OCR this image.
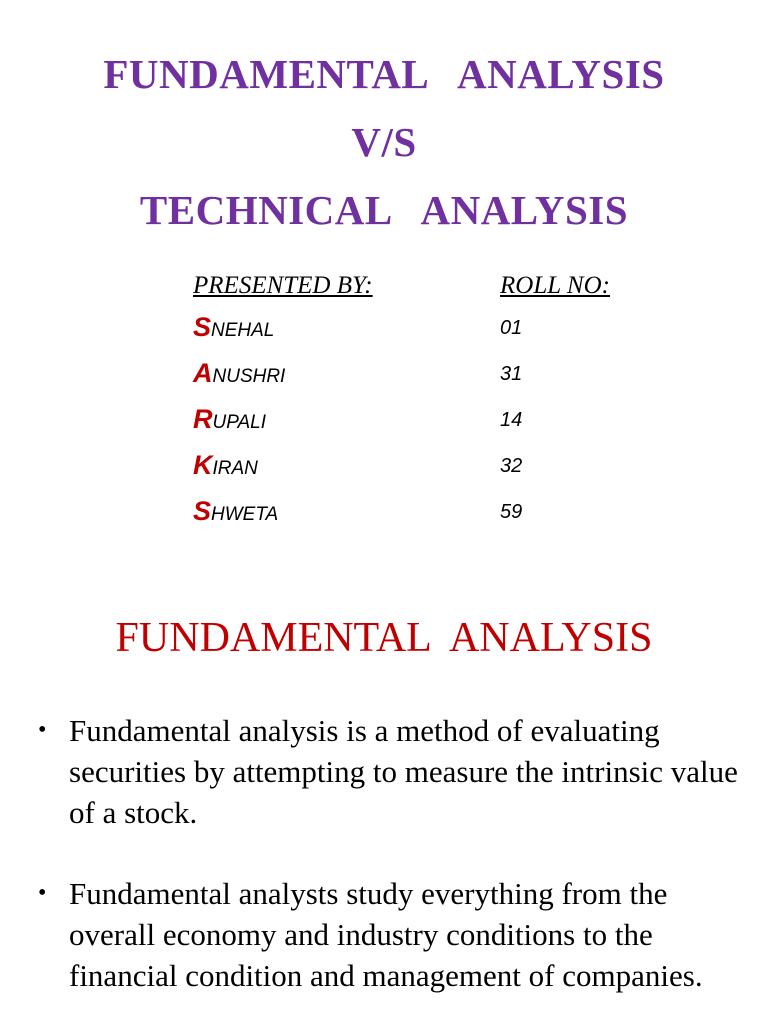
FUNDAMENTAL   ANALYSIS
V/S
TECHNICAL   ANALYSIS
PRESENTED BY:	ROLL NO:
SNEHAL	01
ANUSHRI	31
RUPALI	14
KIRAN	32
SHWETA	59
FUNDAMENTAL  ANALYSIS
• Fundamental analysis is a method of evaluating securities by attempting to measure the intrinsic value of a stock.
• Fundamental analysts study everything from the overall economy and industry conditions to the financial condition and management of companies.
